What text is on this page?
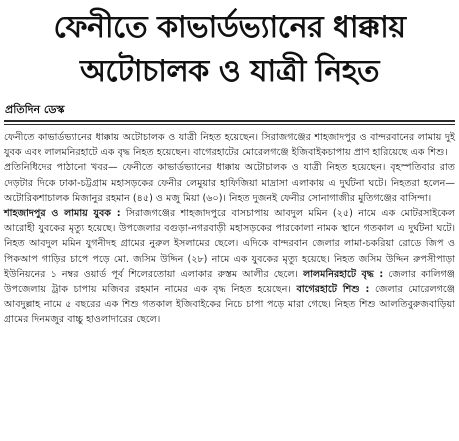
ফেনীতে কাভার্ডভ্যানের ধাক্কায়
অটোচালক ও যাত্রী নিহত
প্রতিদিন ডেস্ক

ফেনীতে কাভার্ডভ্যানের ধাক্কায় অটোচালক ও যাত্রী নিহত হয়েছেন। সিরাজগঞ্জের শাহজাদপুর ও বান্দরবানের লামায় দুই যুবক এবং লালমনিরহাটে এক বৃদ্ধ নিহত হয়েছেন। বাগেরহাটের মোরেলগঞ্জে ইজিবাইকচাপায় প্রাণ হারিয়েছে এক শিশু।

প্রতিনিধিদের পাঠানো খবর— ফেনীতে কাভার্ডভ্যানের ধাক্কায় অটোচালক ও যাত্রী নিহত হয়েছেন। বৃহস্পতিবার রাত দেড়টার দিকে ঢাকা-চট্টগ্রাম মহাসড়কের ফেনীর লেমুয়ার হাফিজিয়া মাদ্রাসা এলাকায় এ দুর্ঘটনা ঘটে। নিহতরা হলেন— অটোরিকশাচালক মিজানুর রহমান (৪৫) ও মজু মিয়া (৬০)। নিহত দুজনই ফেনীর সোনাগাজীর মুতিগঞ্জের বাসিন্দা।

শাহজাদপুর ও লামায় যুবক : সিরাজগঞ্জের শাহজাদপুরে বাসচাপায় আবদুল মমিন (২৫) নামে এক মোটরসাইকেল আরোহী যুবকের মৃত্যু হয়েছে। উপজেলার বগুড়া-নগরবাড়ী মহাসড়কের পারকোলা নামক স্থানে গতকাল এ দুর্ঘটনা ঘটে। নিহত আবদুল মমিন যুগনীদহ গ্রামের নুরুল ইসলামের ছেলে। এদিকে বান্দরবান জেলার লামা-চকরিয়া রোডে জিপ ও পিকআপ গাড়ির চাপে পড়ে মো. জসিম উদ্দিন (২৮) নামে এক যুবকের মৃত্যু হয়েছে। নিহত জসিম উদ্দিন রুপসীপাড়া ইউনিয়নের ১ নম্বর ওয়ার্ড পূর্ব শিলেরতোয়া এলাকার রুস্তম আলীর ছেলে। লালমনিরহাটে বৃদ্ধ : জেলার কালিগঞ্জ উপজেলায় ট্রাক চাপায় মজিবর রহমান নামের এক বৃদ্ধ নিহত হয়েছেন। বাগেরহাটে শিশু : জেলার মোরেলগঞ্জে আবদুল্লাহ নামে ৫ বছরের এক শিশু গতকাল ইজিবাইকের নিচে চাপা পড়ে মারা গেছে। নিহত শিশু আলতিবুরুজবাড়িয়া গ্রামের দিনমজুর বাচ্চু হাওলাদারের ছেলে।
